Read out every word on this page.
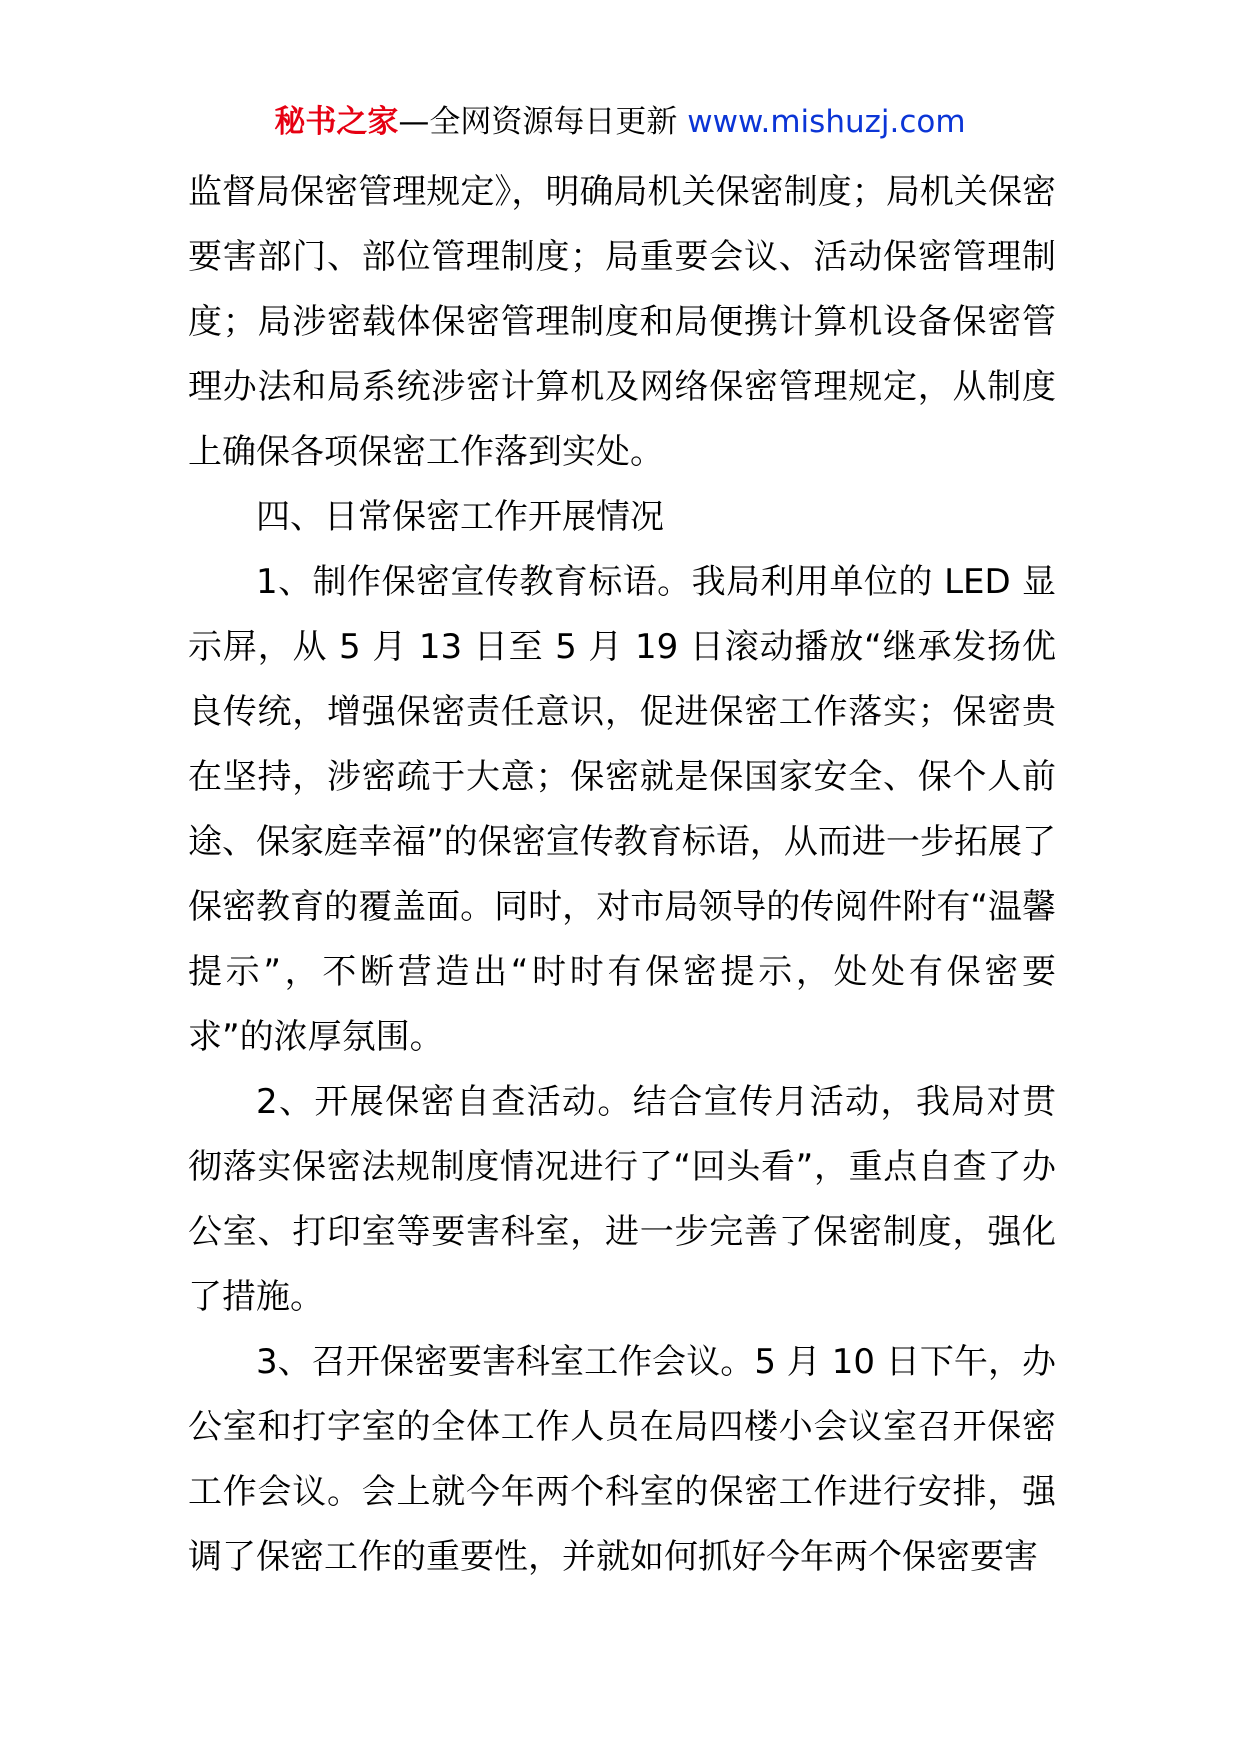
秘书之家—全网资源每日更新 www.mishuzj.com

监督局保密管理规定》，明确局机关保密制度；局机关保密要害部门、部位管理制度；局重要会议、活动保密管理制度；局涉密载体保密管理制度和局便携计算机设备保密管理办法和局系统涉密计算机及网络保密管理规定，从制度上确保各项保密工作落到实处。

四、日常保密工作开展情况

1、制作保密宣传教育标语。我局利用单位的 LED 显示屏，从 5 月 13 日至 5 月 19 日滚动播放“继承发扬优良传统，增强保密责任意识，促进保密工作落实；保密贵在坚持，涉密疏于大意；保密就是保国家安全、保个人前途、保家庭幸福”的保密宣传教育标语，从而进一步拓展了保密教育的覆盖面。同时，对市局领导的传阅件附有“温馨提示”，不断营造出“时时有保密提示，处处有保密要求”的浓厚氛围。

2、开展保密自查活动。结合宣传月活动，我局对贯彻落实保密法规制度情况进行了“回头看”，重点自查了办公室、打印室等要害科室，进一步完善了保密制度，强化了措施。

3、召开保密要害科室工作会议。5 月 10 日下午，办公室和打字室的全体工作人员在局四楼小会议室召开保密工作会议。会上就今年两个科室的保密工作进行安排，强调了保密工作的重要性，并就如何抓好今年两个保密要害
